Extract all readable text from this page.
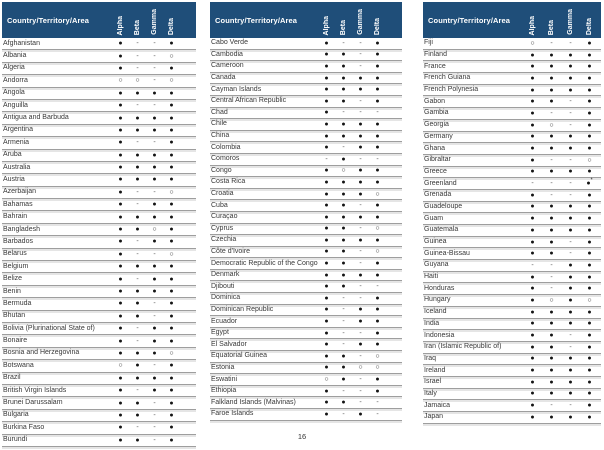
Country/Territory/Area	Alpha Beta Gamma Delta
Afghanistan	●	-	-	●
Albania	●	-	-	○
Algeria	●	-	-	●
Andorra	○	○	-	○
Angola	●	●	●	●
Anguilla	●	-	-	●
Antigua and Barbuda	●	●	●	●
Argentina	●	●	●	●
Armenia	●	-	-	●
Aruba	●	●	●	●
Australia	●	●	●	●
Austria	●	●	●	●
Azerbaijan	●	-	-	○
Bahamas	●	-	●	●
Bahrain	●	●	●	●
Bangladesh	●	●	○	●
Barbados	●	-	●	●
Belarus	●	-	-	○
Belgium	●	●	●	●
Belize	●	-	●	●
Benin	●	●	●	●
Bermuda	●	●	-	●
Bhutan	●	●	-	●
Bolivia (Plurinational State of)	●	-	●	●
Bonaire	●	-	●	●
Bosnia and Herzegovina	●	●	●	○
Botswana	○	●	-	●
Brazil	●	●	●	●
British Virgin Islands	●	-	●	●
Brunei Darussalam	●	●	-	●
Bulgaria	●	●	-	●
Burkina Faso	●	-	-	●
Burundi	●	●	-	●
Country/Territory/Area	Alpha Beta Gamma Delta
Cabo Verde	●	-	-	●
Cambodia	●	●	-	●
Cameroon	●	●	-	●
Canada	●	●	●	●
Cayman Islands	●	●	●	●
Central African Republic	●	●	-	●
Chad	●	-	-	-
Chile	●	●	●	●
China	●	●	●	●
Colombia	●	-	●	●
Comoros	-	●	-	-
Congo	●	○	●	●
Costa Rica	●	●	●	●
Croatia	●	●	●	○
Cuba	●	●	-	●
Curaçao	●	●	●	●
Cyprus	●	●	-	○
Czechia	●	●	●	●
Côte d'Ivoire	●	●	-	○
Democratic Republic of the Congo ●	●	-	●
Denmark	●	●	●	●
Djibouti	●	●	-	-
Dominica	●	-	-	●
Dominican Republic	●	-	●	●
Ecuador	●	-	●	●
Egypt	●	-	-	●
El Salvador	●	-	●	●
Equatorial Guinea	●	●	-	○
Estonia	●	●	○	○
Eswatini	○	●	-	●
Ethiopia	●	-	-	●
Falkland Islands (Malvinas)	●	●	-	-
Faroe Islands	●	-	●	-
Country/Territory/Area	Alpha Beta Gamma Delta
Fiji	○	-	-	●
Finland	●	●	●	●
France	●	●	●	●
French Guiana	●	●	●	●
French Polynesia	●	●	●	●
Gabon	●	●	-	●
Gambia	●	-	-	●
Georgia	●	○	-	●
Germany	●	●	●	●
Ghana	●	●	●	●
Gibraltar	●	-	-	○
Greece	●	●	●	●
Greenland	-	-	-	●*
Grenada	●	-	-	●
Guadeloupe	●	●	●	●
Guam	●	●	●	●
Guatemala	●	●	●	●
Guinea	●	●	-	●
Guinea-Bissau	●	●	-	●
Guyana	-	-	●	●
Haiti	●	-	●	●
Honduras	●	-	●	●
Hungary	●	○	●	○
Iceland	●	●	●	●
India	●	●	●	●
Indonesia	●	●	-	●
Iran (Islamic Republic of)	●	●	-	●
Iraq	●	●	●	●
Ireland	●	●	●	●
Israel	●	●	●	●
Italy	●	●	●	●
Jamaica	●	-	-	●
Japan	●	●	●	●
16
